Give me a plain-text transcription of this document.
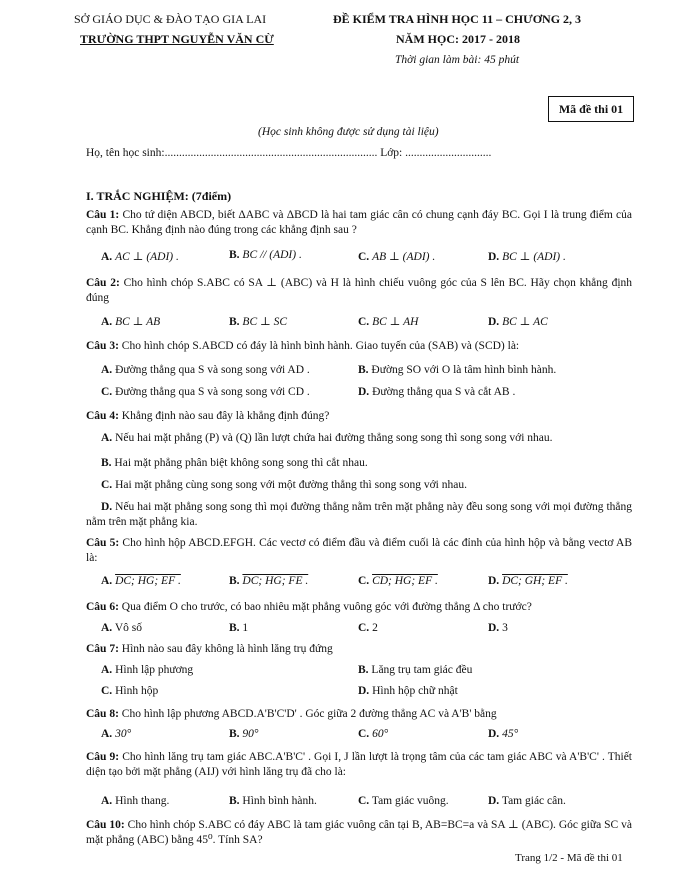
SỞ GIÁO DỤC & ĐÀO TẠO GIA LAI
TRƯỜNG THPT NGUYỄN VĂN CỪ
ĐỀ KIỂM TRA HÌNH HỌC 11 – CHƯƠNG 2, 3
NĂM HỌC: 2017 - 2018
Thời gian làm bài: 45 phút
Mã đề thi 01
(Học sinh không được sử dụng tài liệu)
Họ, tên học sinh:.......................................................................... Lớp: ..............................
I. TRẮC NGHIỆM: (7điểm)
Câu 1: Cho tứ diện ABCD, biết ΔABC và ΔBCD là hai tam giác cân có chung cạnh đáy BC. Gọi I là trung điểm của cạnh BC. Khẳng định nào đúng trong các khẳng định sau ?
A. AC ⊥ (ADI) .	B. BC // (ADI) .	C. AB ⊥ (ADI) .	D. BC ⊥ (ADI) .
Câu 2: Cho hình chóp S.ABC có SA ⊥ (ABC) và H là hình chiếu vuông góc của S lên BC. Hãy chọn khẳng định đúng
A. BC ⊥ AB	B. BC ⊥ SC	C. BC ⊥ AH	D. BC ⊥ AC
Câu 3: Cho hình chóp S.ABCD có đáy là hình bình hành. Giao tuyến của (SAB) và (SCD) là:
A. Đường thẳng qua S và song song với AD .	B. Đường SO với O là tâm hình bình hành.
C. Đường thẳng qua S và song song với CD .	D. Đường thẳng qua S và cắt AB .
Câu 4: Khẳng định nào sau đây là khẳng định đúng?
A. Nếu hai mặt phẳng (P) và (Q) lần lượt chứa hai đường thẳng song song thì song song với nhau.
B. Hai mặt phẳng phân biệt không song song thì cắt nhau.
C. Hai mặt phẳng cùng song song với một đường thẳng thì song song với nhau.
D. Nếu hai mặt phẳng song song thì mọi đường thẳng nằm trên mặt phẳng này đều song song với mọi đường thẳng nằm trên mặt phẳng kia.
Câu 5: Cho hình hộp ABCD.EFGH. Các vectơ có điểm đầu và điểm cuối là các đỉnh của hình hộp và bằng vectơ AB là:
A. DC; HG; EF .	B. DC; HG; FE .	C. CD; HG; EF .	D. DC; GH; EF .
Câu 6: Qua điểm O cho trước, có bao nhiêu mặt phẳng vuông góc với đường thẳng Δ cho trước?
A. Vô số	B. 1	C. 2	D. 3
Câu 7: Hình nào sau đây không là hình lăng trụ đứng
A. Hình lập phương	B. Lăng trụ tam giác đều
C. Hình hộp	D. Hình hộp chữ nhật
Câu 8: Cho hình lập phương ABCD.A'B'C'D' . Góc giữa 2 đường thẳng AC và A'B' bằng
A. 30°	B. 90°	C. 60°	D. 45°
Câu 9: Cho hình lăng trụ tam giác ABC.A'B'C' . Gọi I, J lần lượt là trọng tâm của các tam giác ABC và A'B'C' . Thiết diện tạo bởi mặt phẳng (AIJ) với hình lăng trụ đã cho là:
A. Hình thang.	B. Hình bình hành.	C. Tam giác vuông.	D. Tam giác cân.
Câu 10: Cho hình chóp S.ABC có đáy ABC là tam giác vuông cân tại B, AB=BC=a và SA ⊥ (ABC). Góc giữa SC và mặt phẳng (ABC) bằng 45⁰. Tính SA?
Trang 1/2 - Mã đề thi 01
